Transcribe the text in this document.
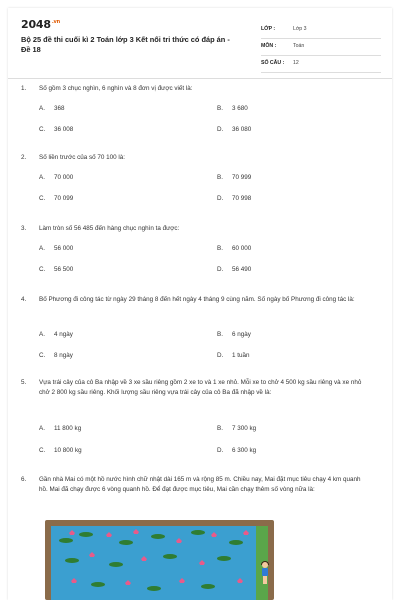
$2048^{.vn}$
Bộ 25 đề thi cuối kì 2 Toán lớp 3 Kết nối tri thức có đáp án - Đề 18
LỚP :	Lớp 3
MÔN :	Toán
SỐ CÂU : 12
1. Số gồm 3 chục nghìn, 6 nghìn và 8 đơn vị được viết là:
A. 368	B. 3 680
C. 36 008	D. 36 080
2. Số liền trước của số 70 100 là:
A. 70 000	B. 70 999
C. 70 099	D. 70 998
3. Làm tròn số 56 485 đến hàng chục nghìn ta được:
A. 56 000	B. 60 000
C. 56 500	D. 56 490
4. Bố Phương đi công tác từ ngày 29 tháng 8 đến hết ngày 4 tháng 9 cùng năm. Số ngày bố Phương đi công tác là:
A. 4 ngày	B. 6 ngày
C. 8 ngày	D. 1 tuần
5. Vựa trái cây của cô Ba nhập về 3 xe sầu riêng gồm 2 xe to và 1 xe nhỏ. Mỗi xe to chở 4 500 kg sầu riêng và xe nhỏ chở 2 800 kg sầu riêng. Khối lượng sầu riêng vựa trái cây của cô Ba đã nhập về là:
A. 11 800 kg	B. 7 300 kg
C. 10 800 kg	D. 6 300 kg
6. Gần nhà Mai có một hồ nước hình chữ nhật dài 165 m và rộng 85 m. Chiều nay, Mai đặt mục tiêu chạy 4 km quanh hồ. Mai đã chạy được 6 vòng quanh hồ. Để đạt được mục tiêu, Mai cần chạy thêm số vòng nữa là:
